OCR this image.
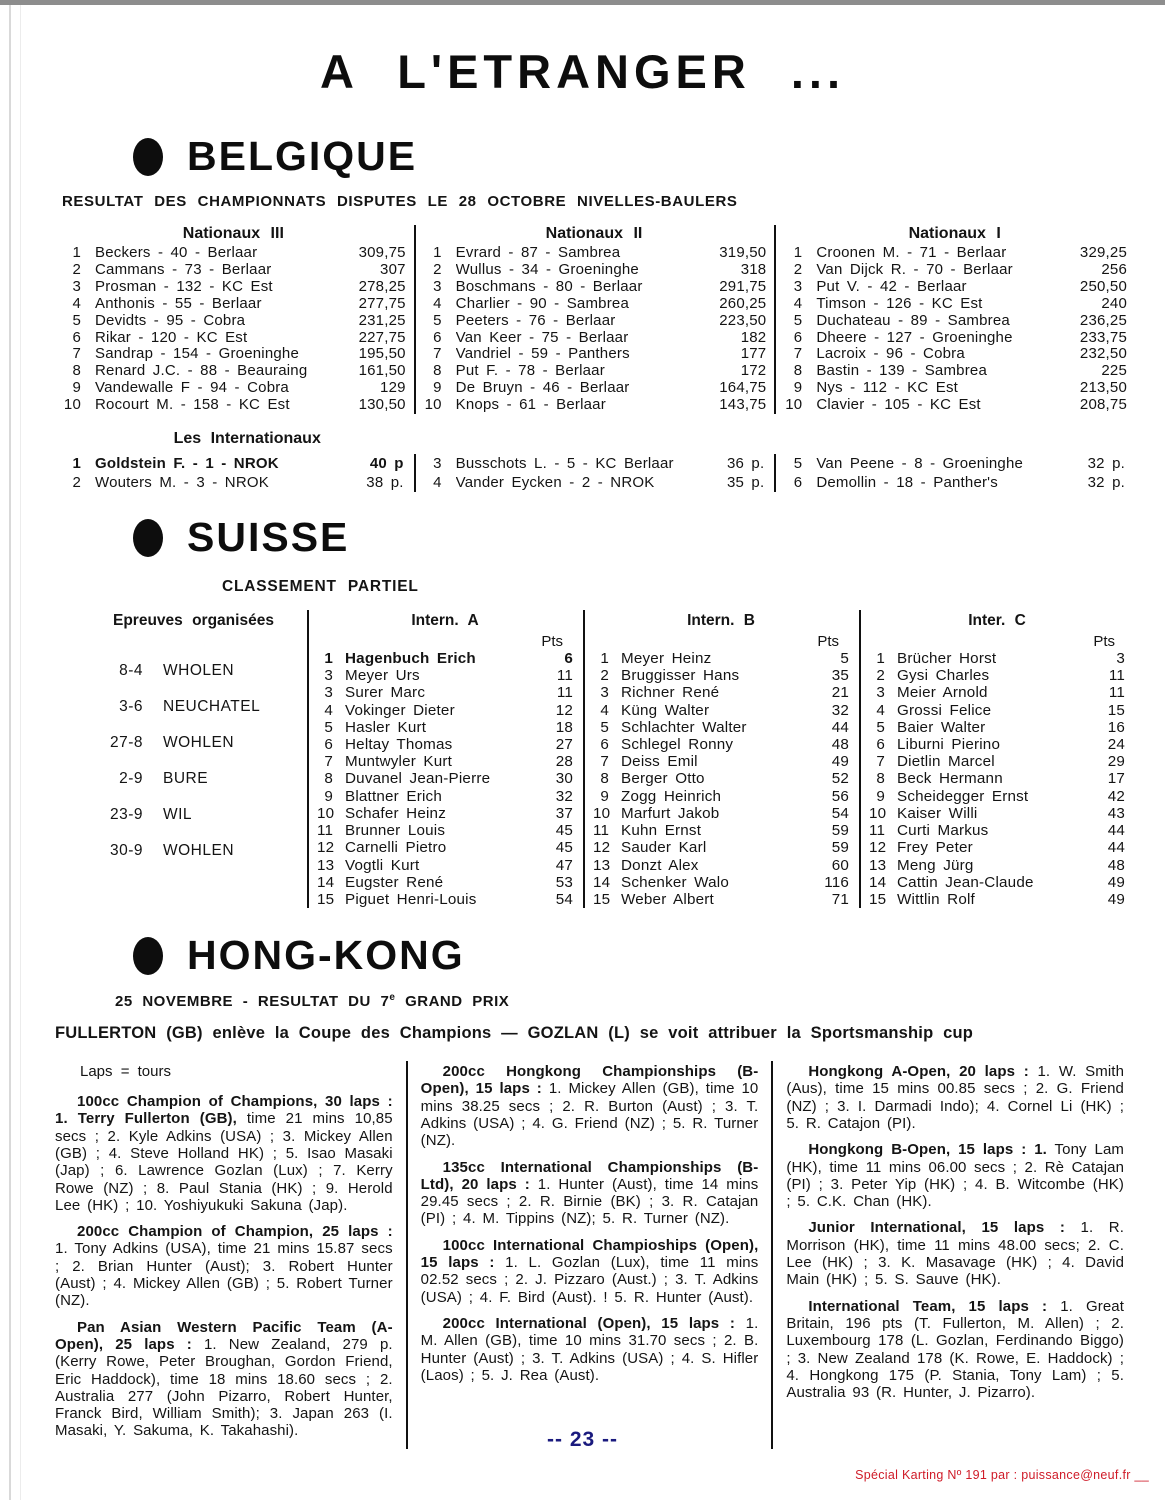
A L'ETRANGER ...
BELGIQUE
RESULTAT DES CHAMPIONNATS DISPUTES LE 28 OCTOBRE NIVELLES-BAULERS
Nationaux III
1 Beckers - 40 - Berlaar	309,75
2 Cammans - 73 - Berlaar	307
3 Prosman - 132 - KC Est	278,25
4 Anthonis - 55 - Berlaar	277,75
5 Devidts - 95 - Cobra	231,25
6 Rikar - 120 - KC Est	227,75
7 Sandrap - 154 - Groeninghe	195,50
8 Renard J.C. - 88 - Beauraing	161,50
9 Vandewalle F - 94 - Cobra	129
10 Rocourt M. - 158 - KC Est	130,50
Nationaux II
1 Evrard - 87 - Sambrea	319,50
2 Wullus - 34 - Groeninghe	318
3 Boschmans - 80 - Berlaar	291,75
4 Charlier - 90 - Sambrea	260,25
5 Peeters - 76 - Berlaar	223,50
6 Van Keer - 75 - Berlaar	182
7 Vandriel - 59 - Panthers	177
8 Put F. - 78 - Berlaar	172
9 De Bruyn - 46 - Berlaar	164,75
10 Knops - 61 - Berlaar	143,75
Nationaux I
1 Croonen M. - 71 - Berlaar	329,25
2 Van Dijck R. - 70 - Berlaar	256
3 Put V. - 42 - Berlaar	250,50
4 Timson - 126 - KC Est	240
5 Duchateau - 89 - Sambrea	236,25
6 Dheere - 127 - Groeninghe	233,75
7 Lacroix - 96 - Cobra	232,50
8 Bastin - 139 - Sambrea	225
9 Nys - 112 - KC Est	213,50
10 Clavier - 105 - KC Est	208,75
Les Internationaux
1 Goldstein F. - 1 - NROK	40 p
2 Wouters M. - 3 - NROK	38 p.
3 Busschots L. - 5 - KC Berlaar	36 p.
4 Vander Eycken - 2 - NROK	35 p.
5 Van Peene - 8 - Groeninghe	32 p.
6 Demollin - 18 - Panther's	32 p.
SUISSE
CLASSEMENT PARTIEL
Epreuves organisées
8-4	WHOLEN
3-6	NEUCHATEL
27-8	WOHLEN
2-9	BURE
23-9	WIL
30-9	WOHLEN
Intern. A
Pts
1 Hagenbuch Erich	6
3 Meyer Urs	11
3 Surer Marc	11
4 Vokinger Dieter	12
5 Hasler Kurt	18
6 Heltay Thomas	27
7 Muntwyler Kurt	28
8 Duvanel Jean-Pierre	30
9 Blattner Erich	32
10 Schafer Heinz	37
11 Brunner Louis	45
12 Carnelli Pietro	45
13 Vogtli Kurt	47
14 Eugster René	53
15 Piguet Henri-Louis	54
Intern. B
Pts
1 Meyer Heinz	5
2 Bruggisser Hans	35
3 Richner René	21
4 Küng Walter	32
5 Schlachter Walter	44
6 Schlegel Ronny	48
7 Deiss Emil	49
8 Berger Otto	52
9 Zogg Heinrich	56
10 Marfurt Jakob	54
11 Kuhn Ernst	59
12 Sauder Karl	59
13 Donzt Alex	60
14 Schenker Walo	116
15 Weber Albert	71
Inter. C
Pts
1 Brücher Horst	3
2 Gysi Charles	11
3 Meier Arnold	11
4 Grossi Felice	15
5 Baier Walter	16
6 Liburni Pierino	24
7 Dietlin Marcel	29
8 Beck Hermann	17
9 Scheidegger Ernst	42
10 Kaiser Willi	43
11 Curti Markus	44
12 Frey Peter	44
13 Meng Jürg	48
14 Cattin Jean-Claude	49
15 Wittlin Rolf	49
HONG-KONG
25 NOVEMBRE - RESULTAT DU 7e GRAND PRIX
FULLERTON (GB) enlève la Coupe des Champions — GOZLAN (L) se voit attribuer la Sportsmanship cup
Laps = tours

100cc Champion of Champions, 30 laps : 1. Terry Fullerton (GB), time 21 mins 10,85 secs ; 2. Kyle Adkins (USA) ; 3. Mickey Allen (GB) ; 4. Steve Holland HK) ; 5. Isao Masaki (Jap) ; 6. Lawrence Gozlan (Lux) ; 7. Kerry Rowe (NZ) ; 8. Paul Stania (HK) ; 9. Herold Lee (HK) ; 10. Yoshiyukuki Sakuna (Jap).

200cc Champion of Champion, 25 laps : 1. Tony Adkins (USA), time 21 mins 15.87 secs ; 2. Brian Hunter (Aust); 3. Robert Hunter (Aust) ; 4. Mickey Allen (GB) ; 5. Robert Turner (NZ).

Pan Asian Western Pacific Team (A-Open), 25 laps : 1. New Zealand, 279 p. (Kerry Rowe, Peter Broughan, Gordon Friend, Eric Haddock), time 18 mins 18.60 secs ; 2. Australia 277 (John Pizarro, Robert Hunter, Franck Bird, William Smith); 3. Japan 263 (I. Masaki, Y. Sakuma, K. Takahashi).

200cc Hongkong Championships (B-Open), 15 laps : 1. Mickey Allen (GB), time 10 mins 38.25 secs ; 2. R. Burton (Aust) ; 3. T. Adkins (USA) ; 4. G. Friend (NZ) ; 5. R. Turner (NZ).

135cc International Championships (B-Ltd), 20 laps : 1. Hunter (Aust), time 14 mins 29.45 secs ; 2. R. Birnie (BK) ; 3. R. Catajan (PI) ; 4. M. Tippins (NZ); 5. R. Turner (NZ).

100cc International Champioships (Open), 15 laps : 1. L. Gozlan (Lux), time 11 mins 02.52 secs ; 2. J. Pizzaro (Aust.) ; 3. T. Adkins (USA) ; 4. F. Bird (Aust). ! 5. R. Hunter (Aust).

200cc International (Open), 15 laps : 1. M. Allen (GB), time 10 mins 31.70 secs ; 2. B. Hunter (Aust) ; 3. T. Adkins (USA) ; 4. S. Hifler (Laos) ; 5. J. Rea (Aust).

Hongkong A-Open, 20 laps : 1. W. Smith (Aus), time 15 mins 00.85 secs ; 2. G. Friend (NZ) ; 3. I. Darmadi Indo); 4. Cornel Li (HK) ; 5. R. Catajon (PI).

Hongkong B-Open, 15 laps : 1. Tony Lam (HK), time 11 mins 06.00 secs ; 2. Rè Catajan (PI) ; 3. Peter Yip (HK) ; 4. B. Witcombe (HK) ; 5. C.K. Chan (HK).

Junior International, 15 laps : 1. R. Morrison (HK), time 11 mins 48.00 secs; 2. C. Lee (HK) ; 3. K. Masavage (HK) ; 4. David Main (HK) ; 5. S. Sauve (HK).

International Team, 15 laps : 1. Great Britain, 196 pts (T. Fullerton, M. Allen) ; 2. Luxembourg 178 (L. Gozlan, Ferdinando Biggo) ; 3. New Zealand 178 (K. Rowe, E. Haddock) ; 4. Hongkong 175 (P. Stania, Tony Lam) ; 5. Australia 93 (R. Hunter, J. Pizarro).

-- 23 --
Spécial Karting Nº 191 par : puissance@neuf.fr __
